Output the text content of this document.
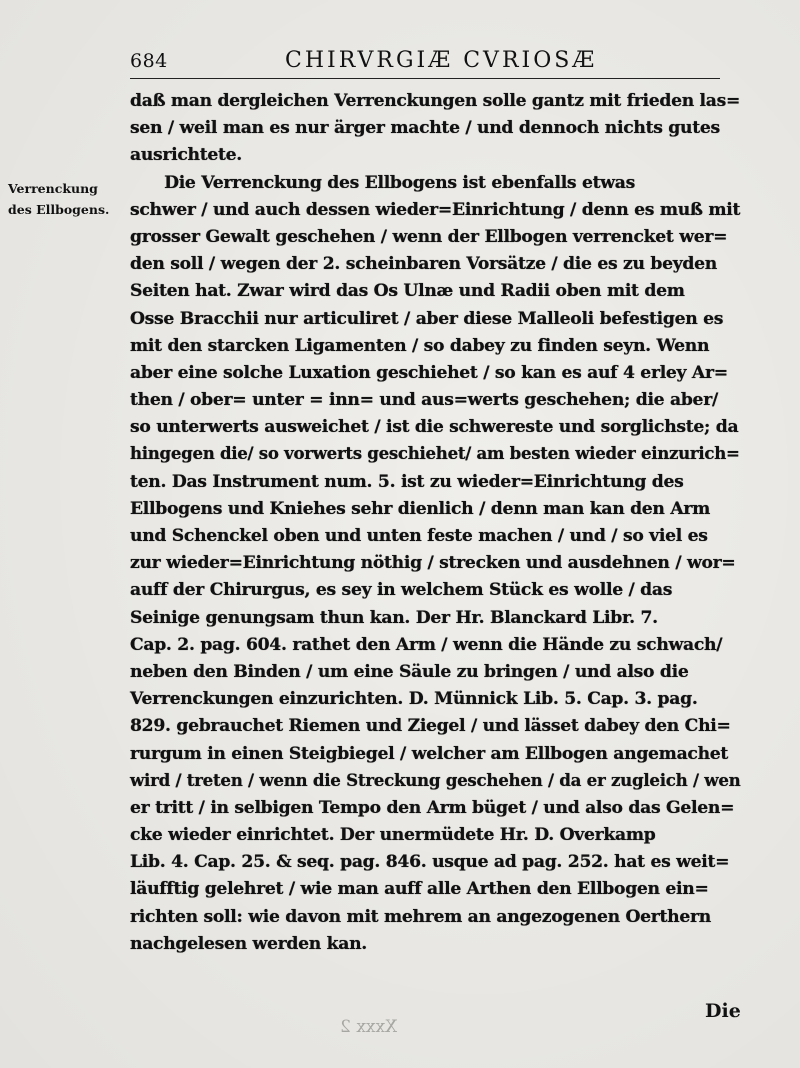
684	CHIRVRGIÆ CVRIOSÆ
Verrenckung
des Ellbogens.
daß man dergleichen Verrenckungen solle gantz mit frieden las=
sen / weil man es nur ärger machte / und dennoch nichts gutes
ausrichtete.
Die Verrenckung des Ellbogens ist ebenfalls etwas
schwer / und auch dessen wieder=Einrichtung / denn es muß mit
grosser Gewalt geschehen / wenn der Ellbogen verrencket wer=
den soll / wegen der 2. scheinbaren Vorsätze / die es zu beyden
Seiten hat. Zwar wird das Os Ulnæ und Radii oben mit dem
Osse Bracchii nur articuliret / aber diese Malleoli befestigen es
mit den starcken Ligamenten / so dabey zu finden seyn. Wenn
aber eine solche Luxation geschiehet / so kan es auf 4 erley Ar=
then / ober= unter = inn= und aus=werts geschehen; die aber/
so unterwerts ausweichet / ist die schwereste und sorglichste; da
hingegen die/ so vorwerts geschiehet/ am besten wieder einzurich=
ten. Das Instrument num. 5. ist zu wieder=Einrichtung des
Ellbogens und Kniehes sehr dienlich / denn man kan den Arm
und Schenckel oben und unten feste machen / und / so viel es
zur wieder=Einrichtung nöthig / strecken und ausdehnen / wor=
auff der Chirurgus, es sey in welchem Stück es wolle / das
Seinige genungsam thun kan. Der Hr. Blanckard Libr. 7.
Cap. 2. pag. 604. rathet den Arm / wenn die Hände zu schwach/
neben den Binden / um eine Säule zu bringen / und also die
Verrenckungen einzurichten. D. Münnick Lib. 5. Cap. 3. pag.
829. gebrauchet Riemen und Ziegel / und lässet dabey den Chi=
rurgum in einen Steigbiegel / welcher am Ellbogen angemachet
wird / treten / wenn die Streckung geschehen / da er zugleich / wen
er tritt / in selbigen Tempo den Arm büget / und also das Gelen=
cke wieder einrichtet. Der unermüdete Hr. D. Overkamp
Lib. 4. Cap. 25. & seq. pag. 846. usque ad pag. 252. hat es weit=
läufftig gelehret / wie man auff alle Arthen den Ellbogen ein=
richten soll: wie davon mit mehrem an angezogenen Oerthern
nachgelesen werden kan.
Die
Xxxx 2
